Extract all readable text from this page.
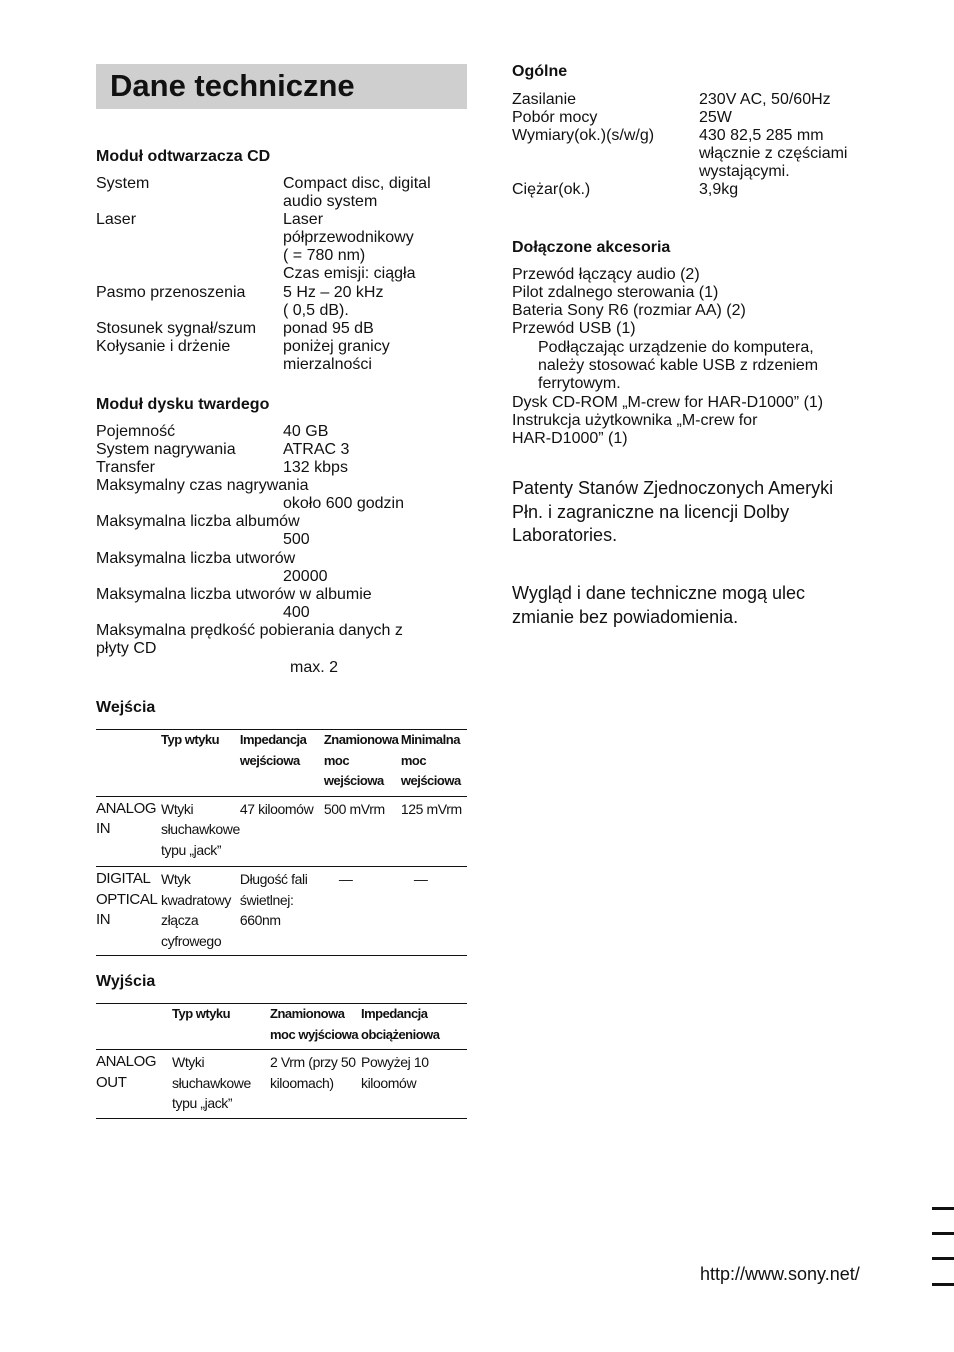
Dane techniczne
Moduł odtwarzacza CD
System	Compact disc, digital
audio system
Laser	Laser
półprzewodnikowy
( = 780 nm)
Czas emisji: ciągła
Pasmo przenoszenia 5 Hz – 20 kHz
( 0,5 dB).
Stosunek sygnał/szum ponad 95 dB
Kołysanie i drżenie	poniżej granicy
mierzalności
Moduł dysku twardego
Pojemność	40 GB
System nagrywania	ATRAC 3
Transfer	132 kbps
Maksymalny czas nagrywania
około 600 godzin
Maksymalna liczba albumów
500
Maksymalna liczba utworów
20000
Maksymalna liczba utworów w albumie
400
Maksymalna prędkość pobierania danych z
płyty CD
max. 2
Wejścia
	Typ wtyku	Impedancja wejściowa	Znamionowa moc wejściowa	Minimalna moc wejściowa
ANALOG IN	Wtyki słuchawkowe typu „jack”	47 kiloomów	500 mVrm	125 mVrm
DIGITAL OPTICAL IN	Wtyk kwadratowy złącza cyfrowego	Długość fali świetlnej: 660nm	—	—
Wyjścia
	Typ wtyku	Znamionowa moc wyjściowa	Impedancja obciążeniowa
ANALOG OUT	Wtyki słuchawkowe typu „jack”	2 Vrm (przy 50 kiloomach)	Powyżej 10 kiloomów
Ogólne
Zasilanie	230V AC, 50/60Hz
Pobór mocy	25W
Wymiary(ok.)(s/w/g)	430 82,5 285 mm
włącznie z częściami
wystającymi.
Ciężar(ok.)	3,9kg
Dołączone akcesoria
Przewód łączący audio (2)
Pilot zdalnego sterowania (1)
Bateria Sony R6 (rozmiar AA) (2)
Przewód USB (1)
Podłączając urządzenie do komputera,
należy stosować kable USB z rdzeniem
ferrytowym.
Dysk CD-ROM „M-crew for HAR-D1000” (1)
Instrukcja użytkownika „M-crew for
HAR-D1000” (1)
Patenty Stanów Zjednoczonych Ameryki
Płn. i zagraniczne na licencji Dolby
Laboratories.
Wygląd i dane techniczne mogą ulec
zmianie bez powiadomienia.
http://www.sony.net/
